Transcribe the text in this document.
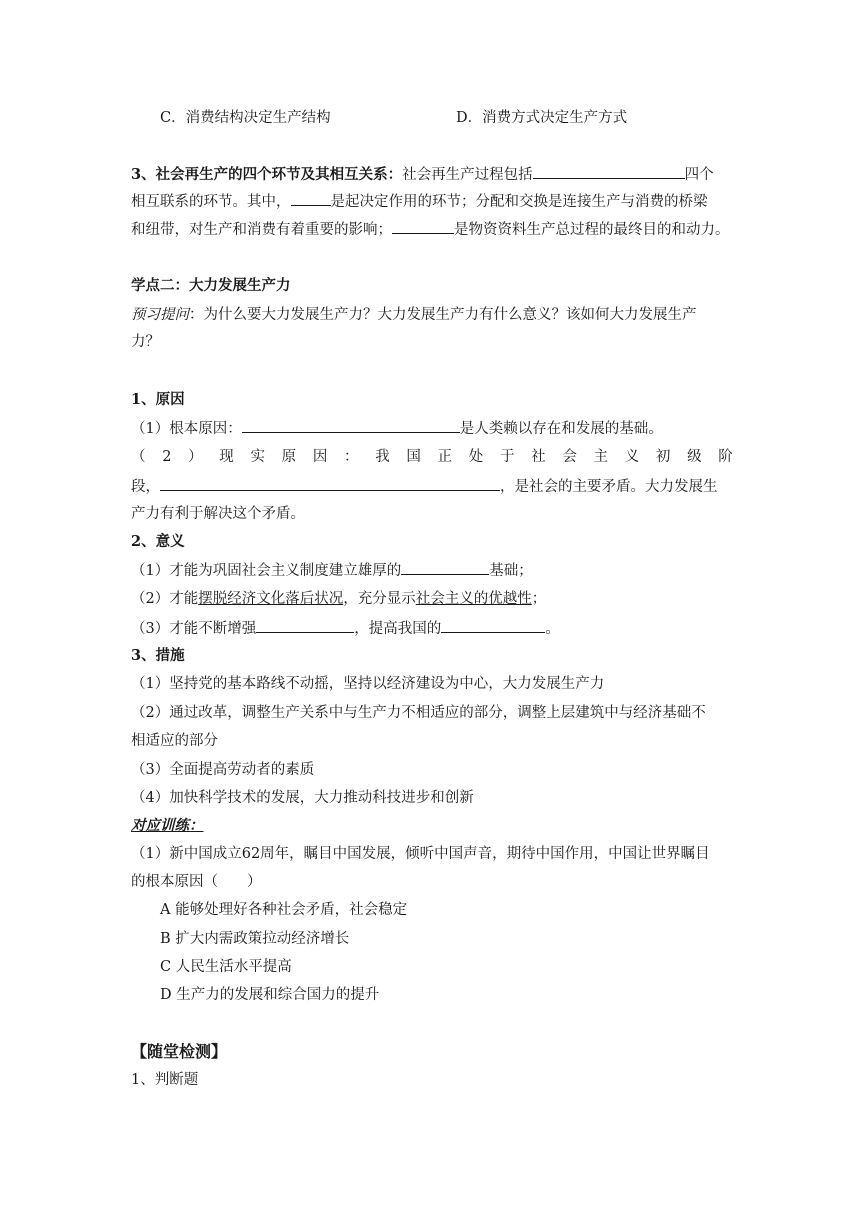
C．消费结构决定生产结构	D．消费方式决定生产方式
3、社会再生产的四个环节及其相互关系：社会再生产过程包括	四个
相互联系的环节。其中，	是起决定作用的环节；分配和交换是连接生产与消费的桥梁
和纽带，对生产和消费有着重要的影响；	是物资资料生产总过程的最终目的和动力。
学点二：大力发展生产力
预习提问：为什么要大力发展生产力？大力发展生产力有什么意义？该如何大力发展生产
力？
1、原因
（1）根本原因：	是人类赖以存在和发展的基础。
（ 2 ） 现 实 原 因 ： 我 国 正 处 于 社 会 主 义 初 级 阶
段，	，是社会的主要矛盾。大力发展生
产力有利于解决这个矛盾。
2、意义
（1）才能为巩固社会主义制度建立雄厚的	基础；
（2）才能摆脱经济文化落后状况，充分显示社会主义的优越性；
（3）才能不断增强	，提高我国的	。
3、措施
（1）坚持党的基本路线不动摇，坚持以经济建设为中心，大力发展生产力
（2）通过改革，调整生产关系中与生产力不相适应的部分，调整上层建筑中与经济基础不
相适应的部分
（3）全面提高劳动者的素质
（4）加快科学技术的发展，大力推动科技进步和创新
对应训练：
（1）新中国成立62周年，瞩目中国发展，倾听中国声音，期待中国作用，中国让世界瞩目
的根本原因（　　）
A 能够处理好各种社会矛盾，社会稳定
B 扩大内需政策拉动经济增长
C 人民生活水平提高
D 生产力的发展和综合国力的提升
【随堂检测】
1、判断题
